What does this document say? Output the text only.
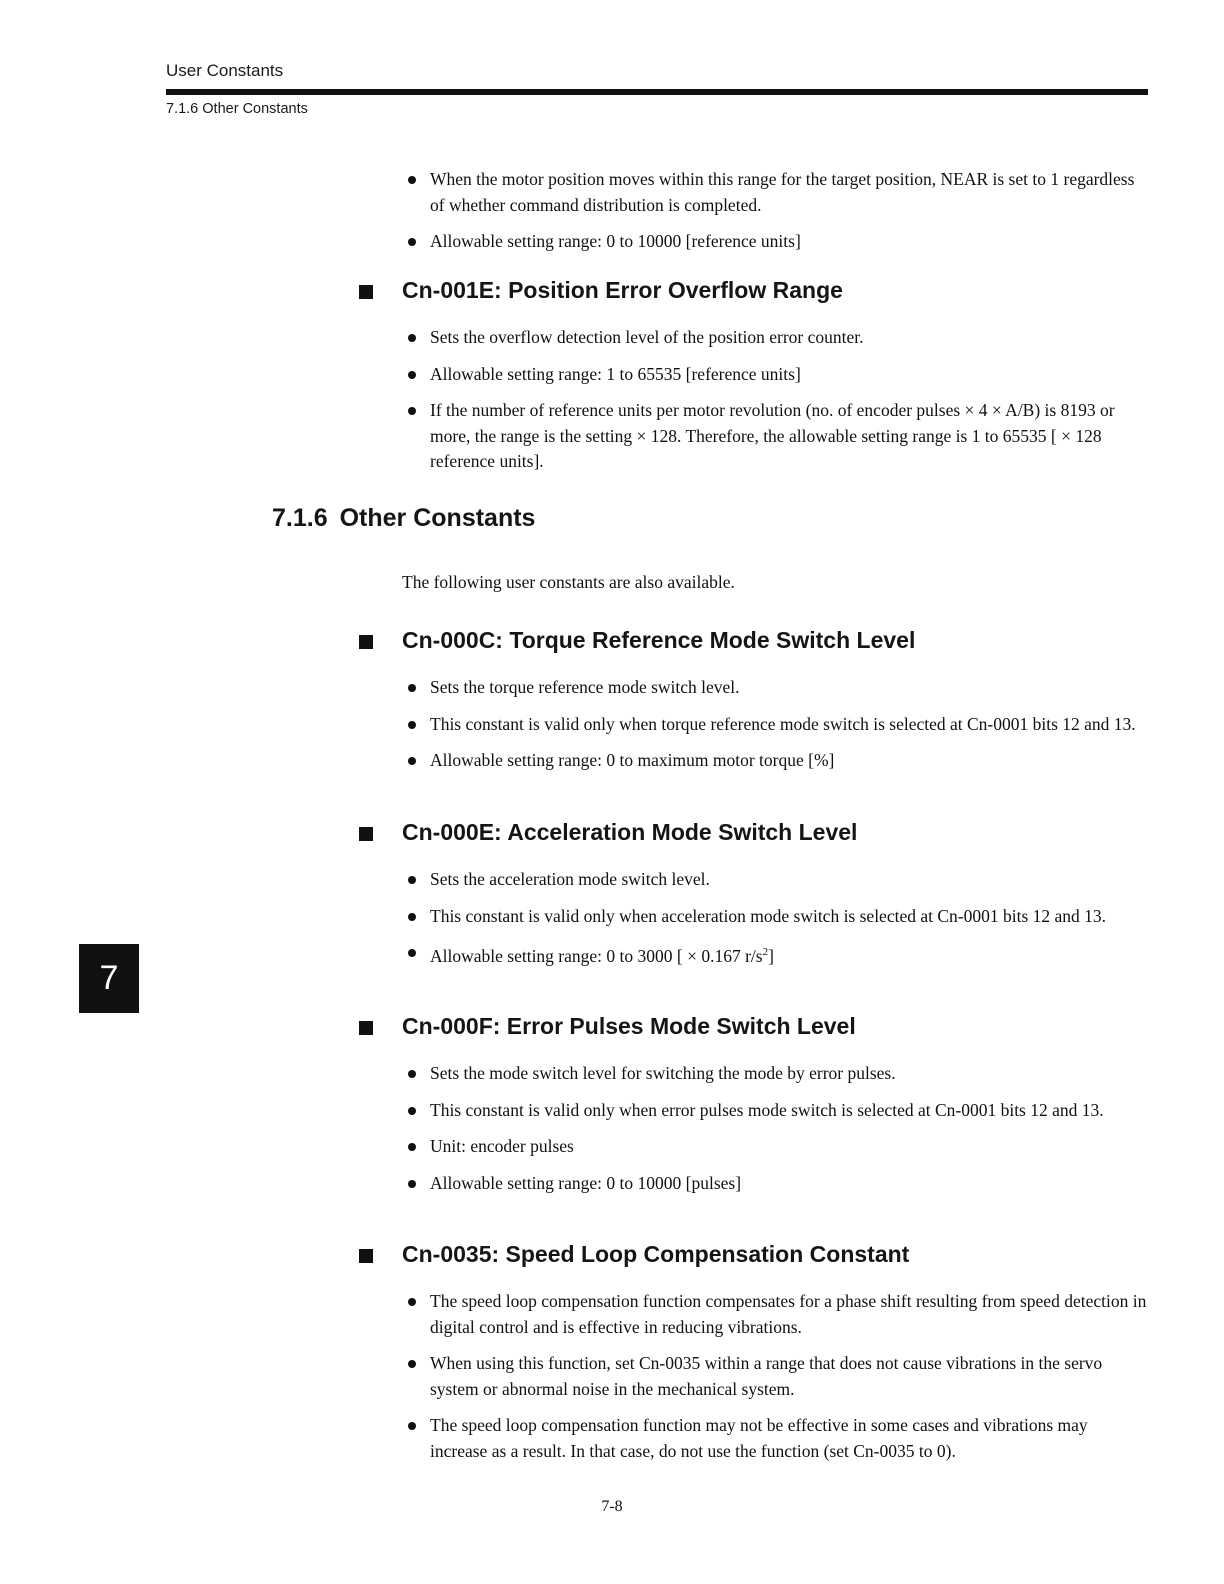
User Constants
7.1.6 Other Constants
When the motor position moves within this range for the target position, NEAR is set to 1 regardless of whether command distribution is completed.
Allowable setting range: 0 to 10000 [reference units]
Cn-001E: Position Error Overflow Range
Sets the overflow detection level of the position error counter.
Allowable setting range: 1 to 65535 [reference units]
If the number of reference units per motor revolution (no. of encoder pulses × 4 × A/B) is 8193 or more, the range is the setting × 128. Therefore, the allowable setting range is 1 to 65535 [ × 128 reference units].
7.1.6 Other Constants

The following user constants are also available.

Cn-000C: Torque Reference Mode Switch Level
Sets the torque reference mode switch level.
This constant is valid only when torque reference mode switch is selected at Cn-0001 bits 12 and 13.
Allowable setting range: 0 to maximum motor torque [%]
Cn-000E: Acceleration Mode Switch Level
Sets the acceleration mode switch level.
This constant is valid only when acceleration mode switch is selected at Cn-0001 bits 12 and 13.
Allowable setting range: 0 to 3000 [ × 0.167 $r/s^2$]
Cn-000F: Error Pulses Mode Switch Level
Sets the mode switch level for switching the mode by error pulses.
This constant is valid only when error pulses mode switch is selected at Cn-0001 bits 12 and 13.
Unit: encoder pulses
Allowable setting range: 0 to 10000 [pulses]
Cn-0035: Speed Loop Compensation Constant
The speed loop compensation function compensates for a phase shift resulting from speed detection in digital control and is effective in reducing vibrations.
When using this function, set Cn-0035 within a range that does not cause vibrations in the servo system or abnormal noise in the mechanical system.
The speed loop compensation function may not be effective in some cases and vibrations may increase as a result. In that case, do not use the function (set Cn-0035 to 0).
7
7-8
